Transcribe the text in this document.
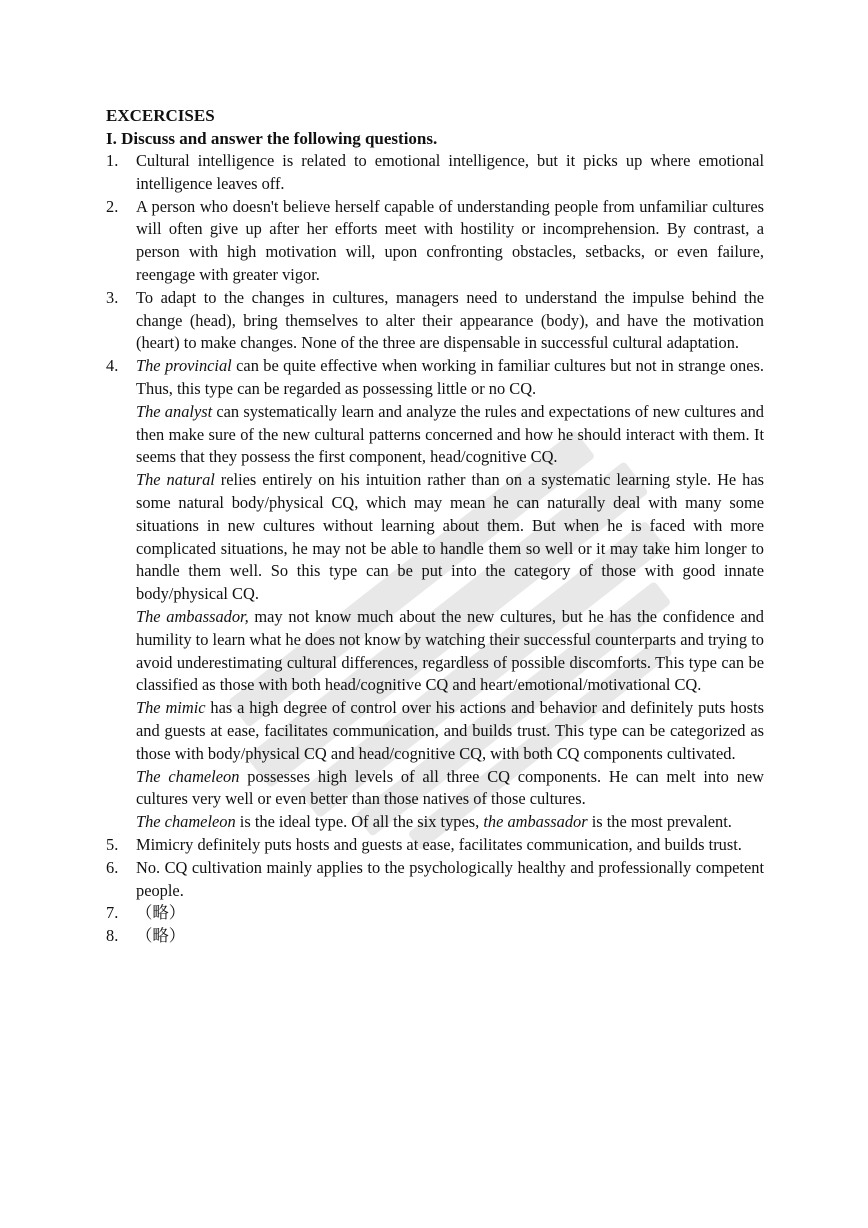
EXCERCISES

I. Discuss and answer the following questions.

1.	Cultural intelligence is related to emotional intelligence, but it picks up where emotional intelligence leaves off.

2.	A person who doesn't believe herself capable of understanding people from unfamiliar cultures will often give up after her efforts meet with hostility or incomprehension. By contrast, a person with high motivation will, upon confronting obstacles, setbacks, or even failure, reengage with greater vigor.

3.	To adapt to the changes in cultures, managers need to understand the impulse behind the change (head), bring themselves to alter their appearance (body), and have the motivation (heart) to make changes. None of the three are dispensable in successful cultural adaptation.

4.	The provincial can be quite effective when working in familiar cultures but not in strange ones. Thus, this type can be regarded as possessing little or no CQ.

The analyst can systematically learn and analyze the rules and expectations of new cultures and then make sure of the new cultural patterns concerned and how he should interact with them. It seems that they possess the first component, head/cognitive CQ.

The natural relies entirely on his intuition rather than on a systematic learning style. He has some natural body/physical CQ, which may mean he can naturally deal with many some situations in new cultures without learning about them. But when he is faced with more complicated situations, he may not be able to handle them so well or it may take him longer to handle them well. So this type can be put into the category of those with good innate body/physical CQ.

The ambassador, may not know much about the new cultures, but he has the confidence and humility to learn what he does not know by watching their successful counterparts and trying to avoid underestimating cultural differences, regardless of possible discomforts. This type can be classified as those with both head/cognitive CQ and heart/emotional/motivational CQ.

The mimic has a high degree of control over his actions and behavior and definitely puts hosts and guests at ease, facilitates communication, and builds trust. This type can be categorized as those with body/physical CQ and head/cognitive CQ, with both CQ components cultivated.

The chameleon possesses high levels of all three CQ components. He can melt into new cultures very well or even better than those natives of those cultures.

The chameleon is the ideal type. Of all the six types, the ambassador is the most prevalent.

5.	Mimicry definitely puts hosts and guests at ease, facilitates communication, and builds trust.

6.	No. CQ cultivation mainly applies to the psychologically healthy and professionally competent people.

7.	（略）

8.	（略）
